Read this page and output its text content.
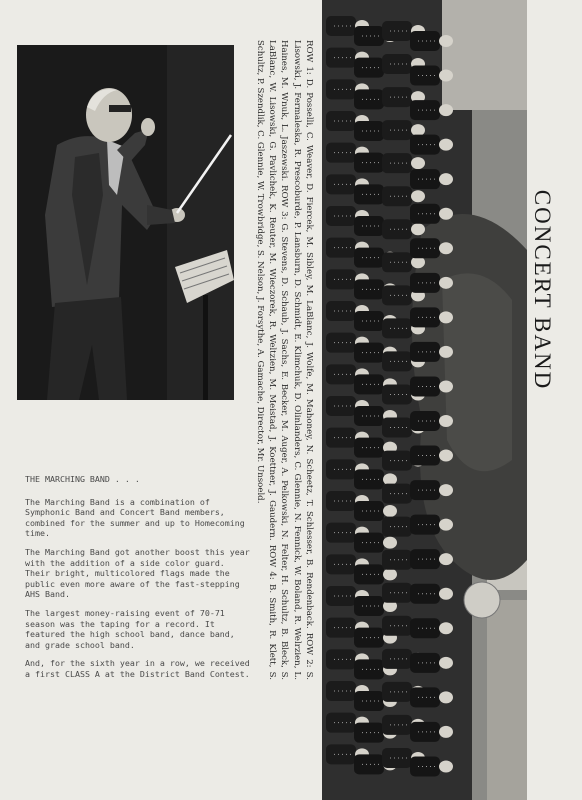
ROW 1: D. Posselli, C. Weaver, D. Fiercek, M. Sibley, M. LaBlanc, J. Wolfe, M. Mahoney, N. Scheetz, T. Schlesser, B. Rendenback. ROW 2: S. Lisowski, J. Fermaleska, R. Prescoburde, P. Lansburn, D. Schmidt, E. Klimchuk, D. Olinlanders, C. Glennie, N. Fennick, W. Boland, R. Welrzien, L. Haines, M. Wnuk, L. Jaszewski. ROW 3: G. Stevens, D. Schaub, J. Sachs, E. Becker, M. Auger, A. Pelkowski, N. Felter, H. Schultz, B. Bleck, S. LaBlanc, W. Lisowski, G. Pavlichek, K. Reuter, M. Wieczorek, R. Weltzien, M. Meistad, J. Koettner, J. Gaudern. ROW 4: B. Smith, R. Klett, S. Schultz, P. Szendlik, C. Glennie, W. Trowbridge, S. Nelson, J. Forsythe, A. Gamache, Director, Mr. Unsoeld.	CONCERT BAND

THE MARCHING BAND . . .

The Marching Band is a combination of Symphonic Band and Concert Band members, combined for the summer and up to Homecoming time.

The Marching Band got another boost this year with the addition of a side color guard. Their bright, multicolored flags made the public even more aware of the fast-stepping AHS Band.

The largest money-raising event of 70-71 season was the taping for a record. It featured the high school band, dance band, and grade school band.

And, for the sixth year in a row, we received a first CLASS A at the District Band Contest.
